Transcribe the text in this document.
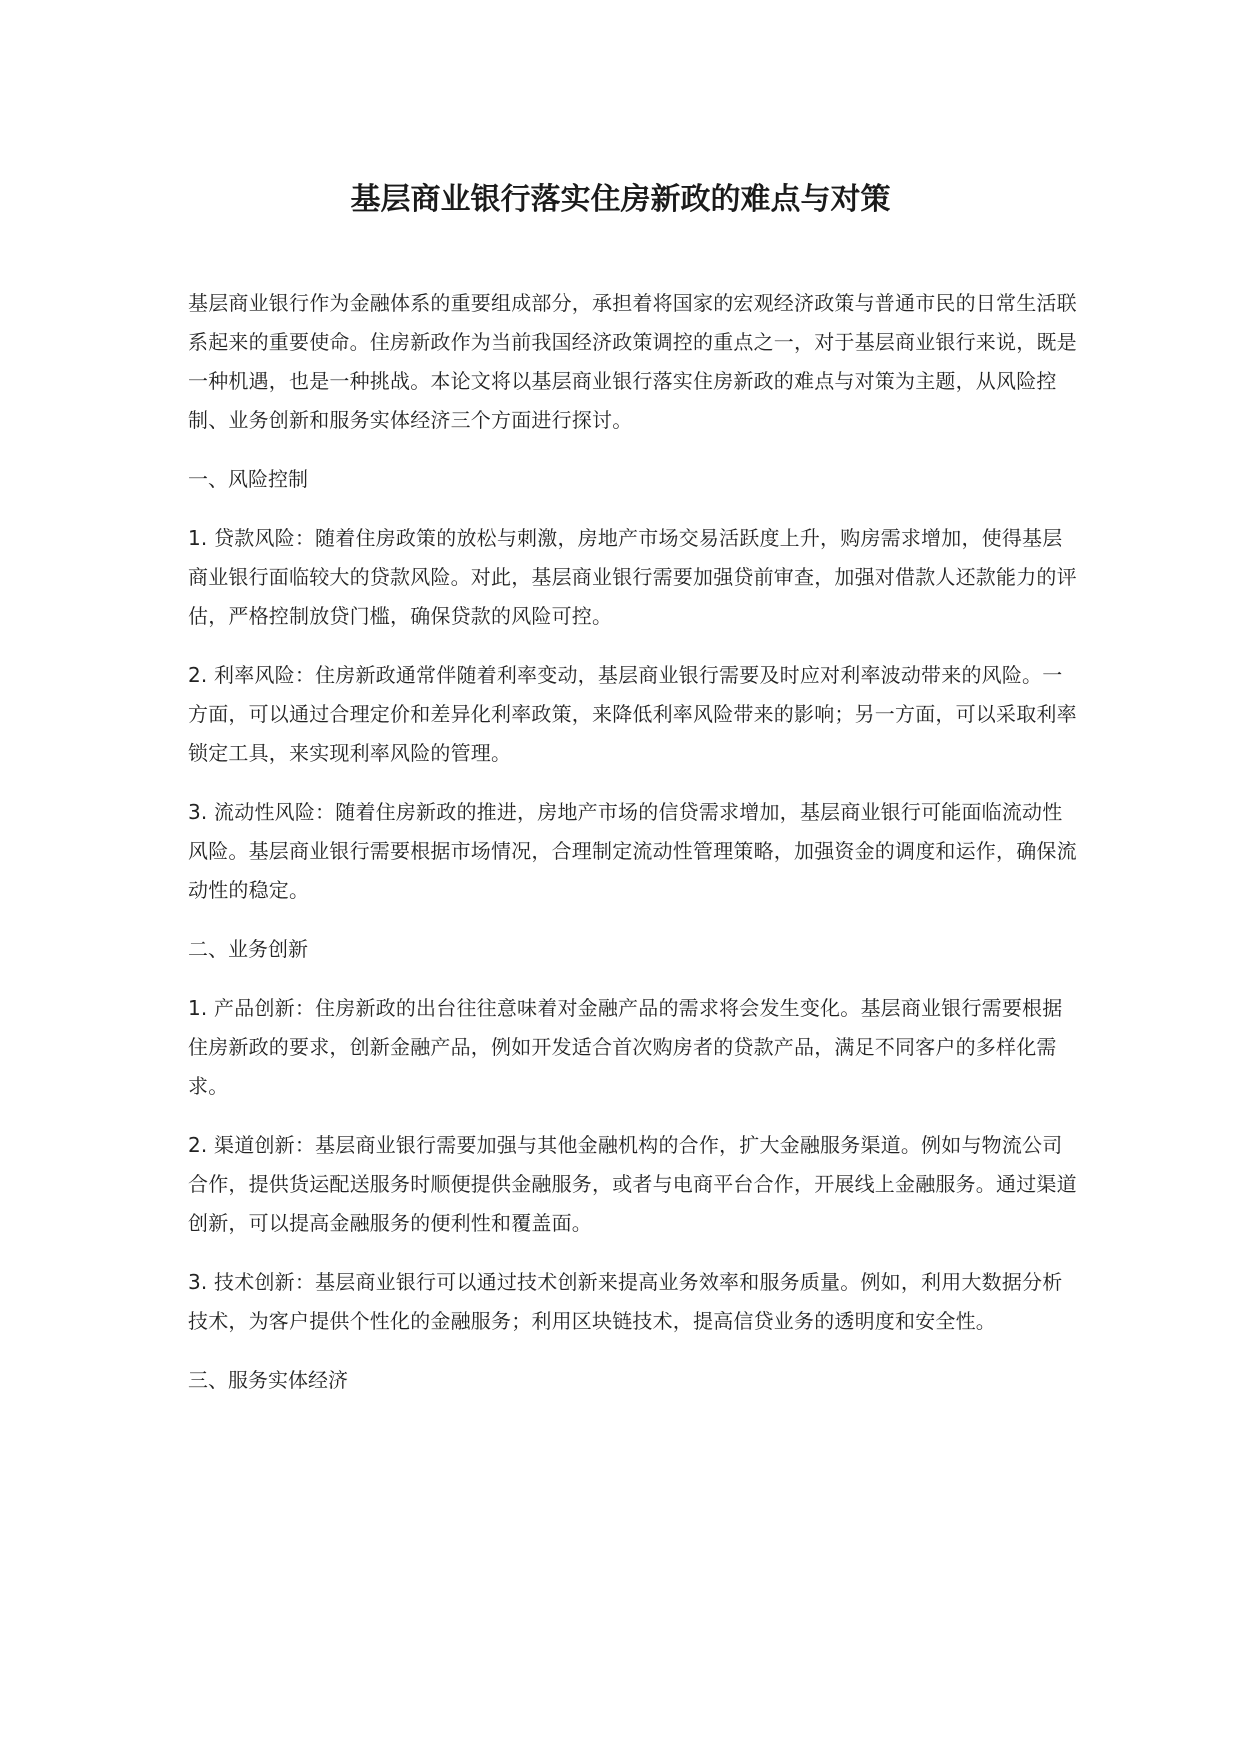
基层商业银行落实住房新政的难点与对策

基层商业银行作为金融体系的重要组成部分，承担着将国家的宏观经济政策与普通市民的日常生活联系起来的重要使命。住房新政作为当前我国经济政策调控的重点之一，对于基层商业银行来说，既是一种机遇，也是一种挑战。本论文将以基层商业银行落实住房新政的难点与对策为主题，从风险控制、业务创新和服务实体经济三个方面进行探讨。

一、风险控制

1. 贷款风险：随着住房政策的放松与刺激，房地产市场交易活跃度上升，购房需求增加，使得基层商业银行面临较大的贷款风险。对此，基层商业银行需要加强贷前审查，加强对借款人还款能力的评估，严格控制放贷门槛，确保贷款的风险可控。

2. 利率风险：住房新政通常伴随着利率变动，基层商业银行需要及时应对利率波动带来的风险。一方面，可以通过合理定价和差异化利率政策，来降低利率风险带来的影响；另一方面，可以采取利率锁定工具，来实现利率风险的管理。

3. 流动性风险：随着住房新政的推进，房地产市场的信贷需求增加，基层商业银行可能面临流动性风险。基层商业银行需要根据市场情况，合理制定流动性管理策略，加强资金的调度和运作，确保流动性的稳定。

二、业务创新

1. 产品创新：住房新政的出台往往意味着对金融产品的需求将会发生变化。基层商业银行需要根据住房新政的要求，创新金融产品，例如开发适合首次购房者的贷款产品，满足不同客户的多样化需求。

2. 渠道创新：基层商业银行需要加强与其他金融机构的合作，扩大金融服务渠道。例如与物流公司合作，提供货运配送服务时顺便提供金融服务，或者与电商平台合作，开展线上金融服务。通过渠道创新，可以提高金融服务的便利性和覆盖面。

3. 技术创新：基层商业银行可以通过技术创新来提高业务效率和服务质量。例如，利用大数据分析技术，为客户提供个性化的金融服务；利用区块链技术，提高信贷业务的透明度和安全性。

三、服务实体经济
